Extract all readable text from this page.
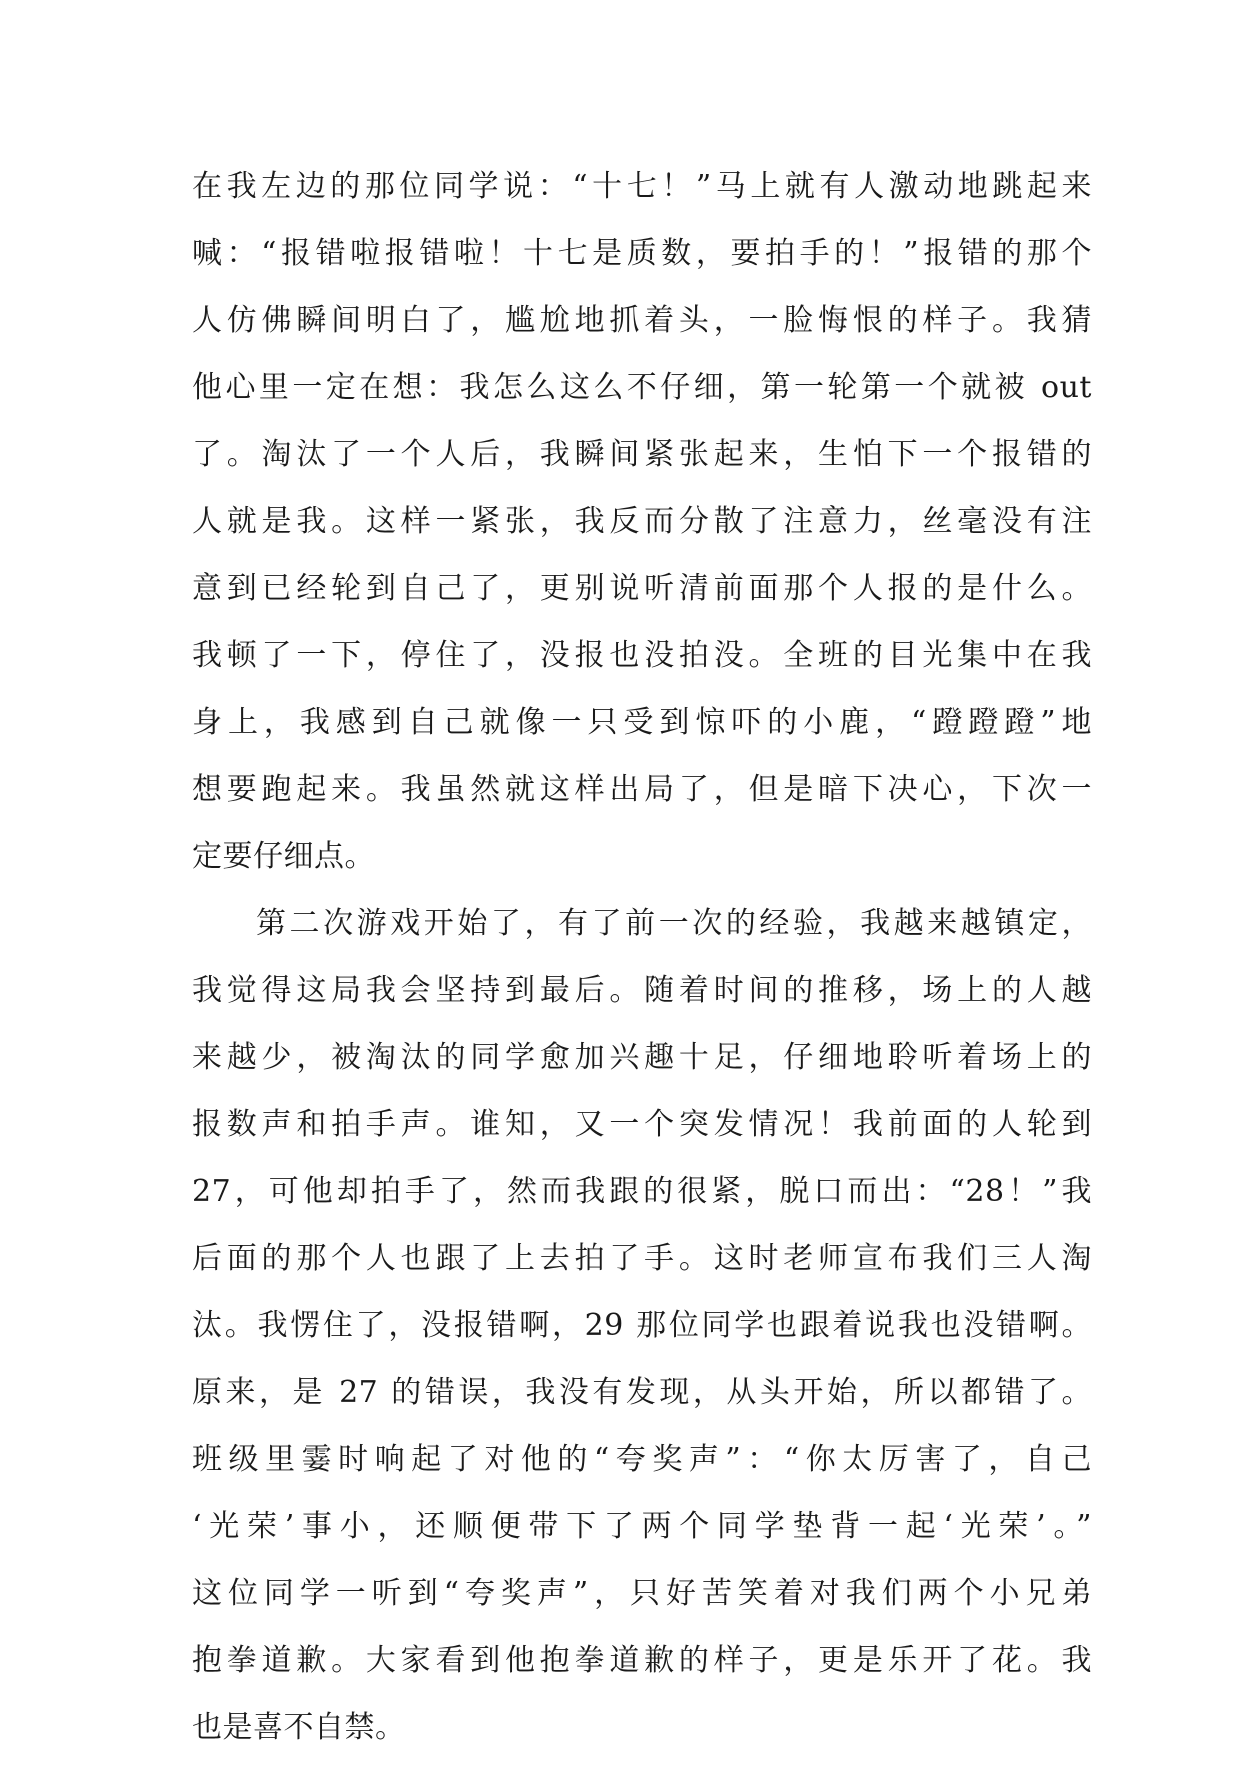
在我左边的那位同学说：“十七！”马上就有人激动地跳起来
喊：“报错啦报错啦！十七是质数，要拍手的！”报错的那个
人仿佛瞬间明白了，尴尬地抓着头，一脸悔恨的样子。我猜
他心里一定在想：我怎么这么不仔细，第一轮第一个就被 out
了。淘汰了一个人后，我瞬间紧张起来，生怕下一个报错的
人就是我。这样一紧张，我反而分散了注意力，丝毫没有注
意到已经轮到自己了，更别说听清前面那个人报的是什么。
我顿了一下，停住了，没报也没拍没。全班的目光集中在我
身上，我感到自己就像一只受到惊吓的小鹿，“蹬蹬蹬”地
想要跑起来。我虽然就这样出局了，但是暗下决心，下次一
定要仔细点。
第二次游戏开始了，有了前一次的经验，我越来越镇定，
我觉得这局我会坚持到最后。随着时间的推移，场上的人越
来越少，被淘汰的同学愈加兴趣十足，仔细地聆听着场上的
报数声和拍手声。谁知，又一个突发情况！我前面的人轮到
27，可他却拍手了，然而我跟的很紧，脱口而出：“28！”我
后面的那个人也跟了上去拍了手。这时老师宣布我们三人淘
汰。我愣住了，没报错啊，29 那位同学也跟着说我也没错啊。
原来，是 27 的错误，我没有发现，从头开始，所以都错了。
班级里霎时响起了对他的“夸奖声”：“你太厉害了，自己
‘光荣’事小，还顺便带下了两个同学垫背一起‘光荣’。”
这位同学一听到“夸奖声”，只好苦笑着对我们两个小兄弟
抱拳道歉。大家看到他抱拳道歉的样子，更是乐开了花。我
也是喜不自禁。
